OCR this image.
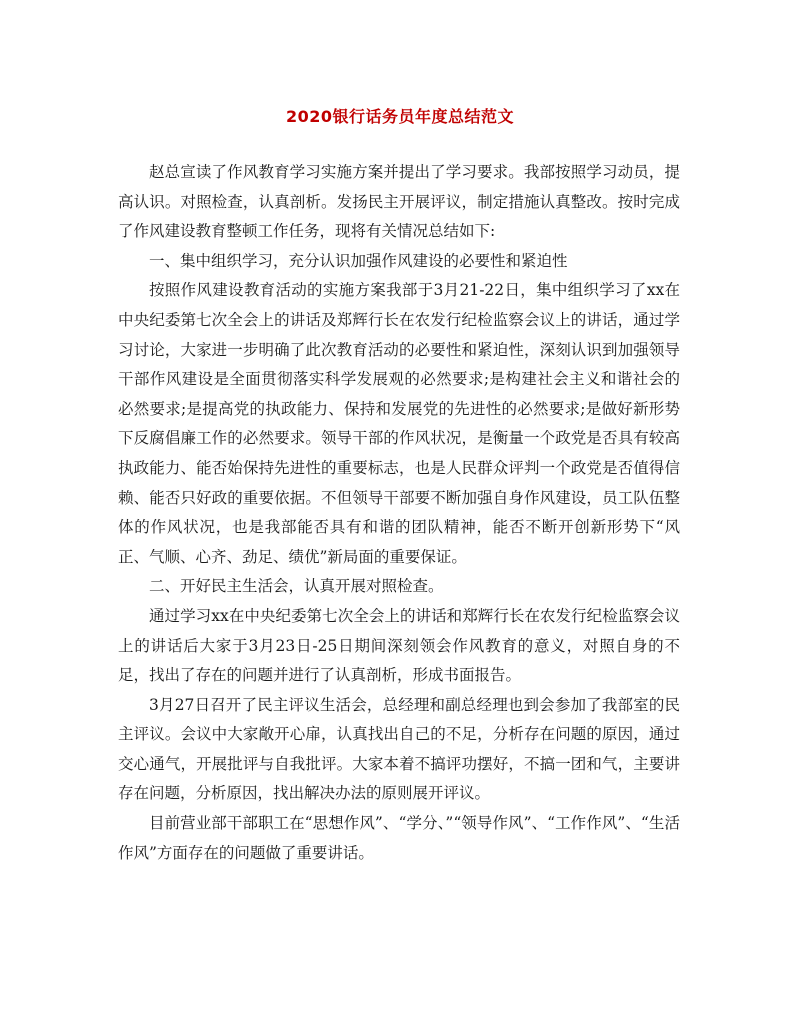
2020银行话务员年度总结范文

赵总宣读了作风教育学习实施方案并提出了学习要求。我部按照学习动员，提高认识。对照检查，认真剖析。发扬民主开展评议，制定措施认真整改。按时完成了作风建设教育整顿工作任务，现将有关情况总结如下:

一、集中组织学习，充分认识加强作风建设的必要性和紧迫性

按照作风建设教育活动的实施方案我部于3月21-22日，集中组织学习了xx在中央纪委第七次全会上的讲话及郑辉行长在农发行纪检监察会议上的讲话，通过学习讨论，大家进一步明确了此次教育活动的必要性和紧迫性，深刻认识到加强领导干部作风建设是全面贯彻落实科学发展观的必然要求;是构建社会主义和谐社会的必然要求;是提高党的执政能力、保持和发展党的先进性的必然要求;是做好新形势下反腐倡廉工作的必然要求。领导干部的作风状况，是衡量一个政党是否具有较高执政能力、能否始保持先进性的重要标志，也是人民群众评判一个政党是否值得信赖、能否只好政的重要依据。不但领导干部要不断加强自身作风建设，员工队伍整体的作风状况，也是我部能否具有和谐的团队精神，能否不断开创新形势下“风正、气顺、心齐、劲足、绩优”新局面的重要保证。

二、开好民主生活会，认真开展对照检查。

通过学习xx在中央纪委第七次全会上的讲话和郑辉行长在农发行纪检监察会议上的讲话后大家于3月23日-25日期间深刻领会作风教育的意义，对照自身的不足，找出了存在的问题并进行了认真剖析，形成书面报告。

3月27日召开了民主评议生活会，总经理和副总经理也到会参加了我部室的民主评议。会议中大家敞开心扉，认真找出自己的不足，分析存在问题的原因，通过交心通气，开展批评与自我批评。大家本着不搞评功摆好，不搞一团和气，主要讲存在问题，分析原因，找出解决办法的原则展开评议。

目前营业部干部职工在“思想作风”、“学分、”“领导作风”、“工作作风”、“生活作风”方面存在的问题做了重要讲话。
